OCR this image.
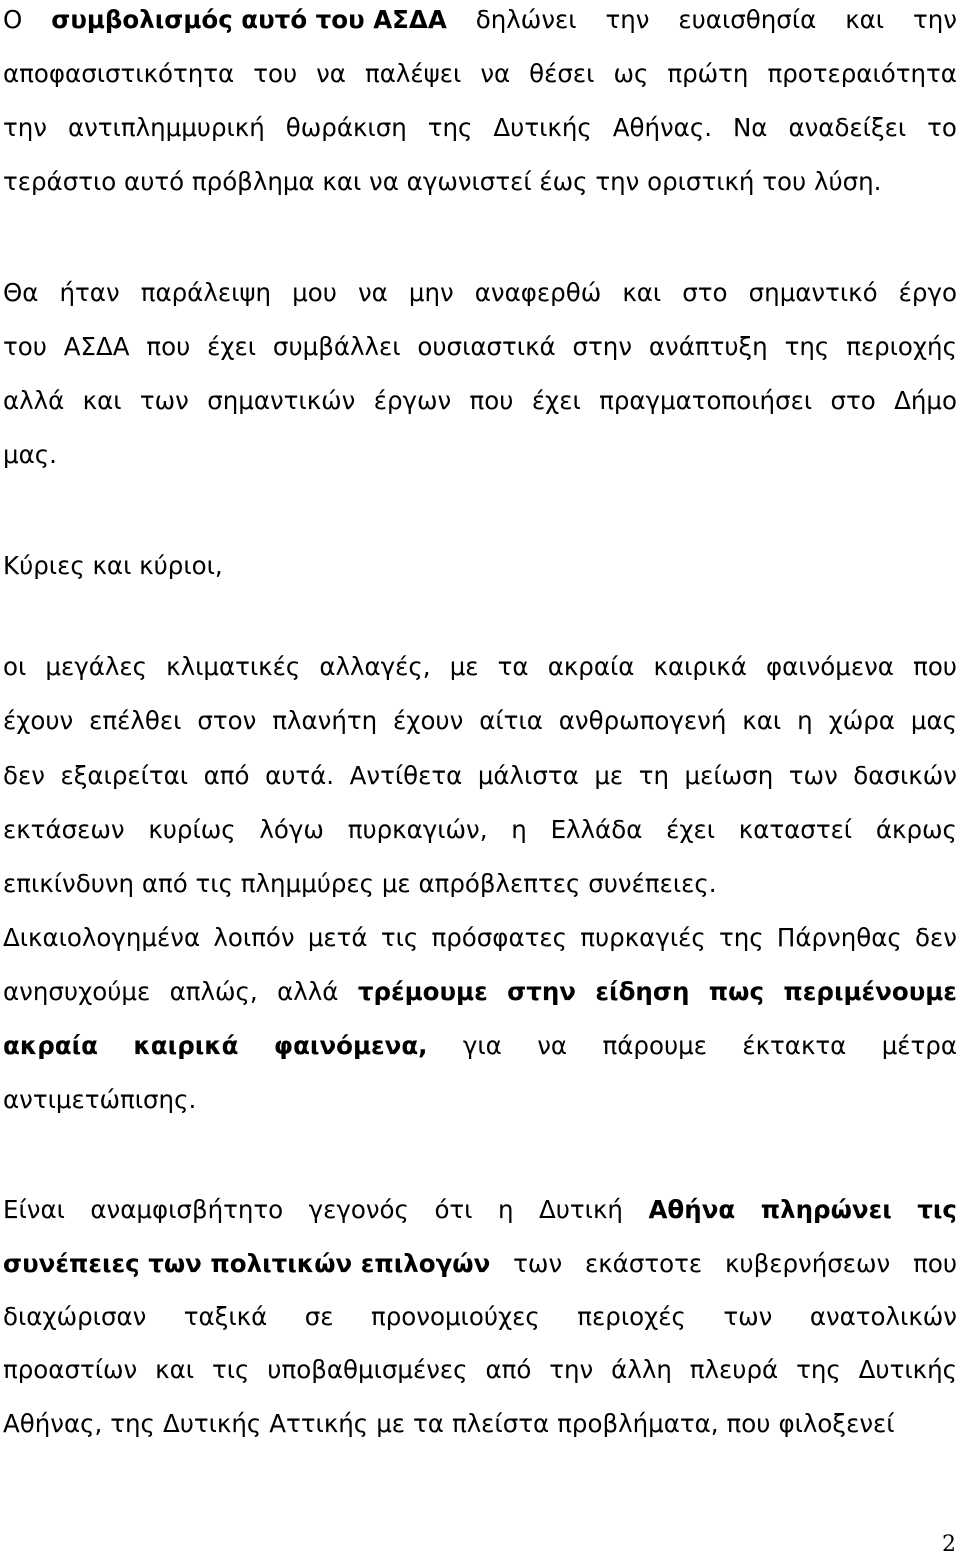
Ο συμβολισμός αυτό του ΑΣΔΑ δηλώνει την ευαισθησία και την
αποφασιστικότητα του να παλέψει να θέσει ως πρώτη προτεραιότητα
την αντιπλημμυρική θωράκιση της Δυτικής Αθήνας. Να αναδείξει το
τεράστιο αυτό πρόβλημα και να αγωνιστεί έως την οριστική του λύση.
Θα ήταν παράλειψη μου να μην αναφερθώ και στο σημαντικό έργο
του ΑΣΔΑ που έχει συμβάλλει ουσιαστικά στην ανάπτυξη της περιοχής
αλλά και των σημαντικών έργων που έχει πραγματοποιήσει στο Δήμο
μας.
Κύριες και κύριοι,
οι μεγάλες κλιματικές αλλαγές, με τα ακραία καιρικά φαινόμενα που
έχουν επέλθει στον πλανήτη έχουν αίτια ανθρωπογενή και η χώρα μας
δεν εξαιρείται από αυτά. Αντίθετα μάλιστα με τη μείωση των δασικών
εκτάσεων κυρίως λόγω πυρκαγιών, η Ελλάδα έχει καταστεί άκρως
επικίνδυνη από τις πλημμύρες με απρόβλεπτες συνέπειες.
Δικαιολογημένα λοιπόν μετά τις πρόσφατες πυρκαγιές της Πάρνηθας δεν
ανησυχούμε απλώς, αλλά τρέμουμε στην είδηση πως περιμένουμε
ακραία καιρικά φαινόμενα, για να πάρουμε έκτακτα μέτρα
αντιμετώπισης.
Είναι αναμφισβήτητο γεγονός ότι η Δυτική Αθήνα πληρώνει τις
συνέπειες των πολιτικών επιλογών των εκάστοτε κυβερνήσεων που
διαχώρισαν ταξικά σε προνομιούχες περιοχές των ανατολικών
προαστίων και τις υποβαθμισμένες από την άλλη πλευρά της Δυτικής
Αθήνας, της Δυτικής Αττικής με τα πλείστα προβλήματα, που φιλοξενεί
2
